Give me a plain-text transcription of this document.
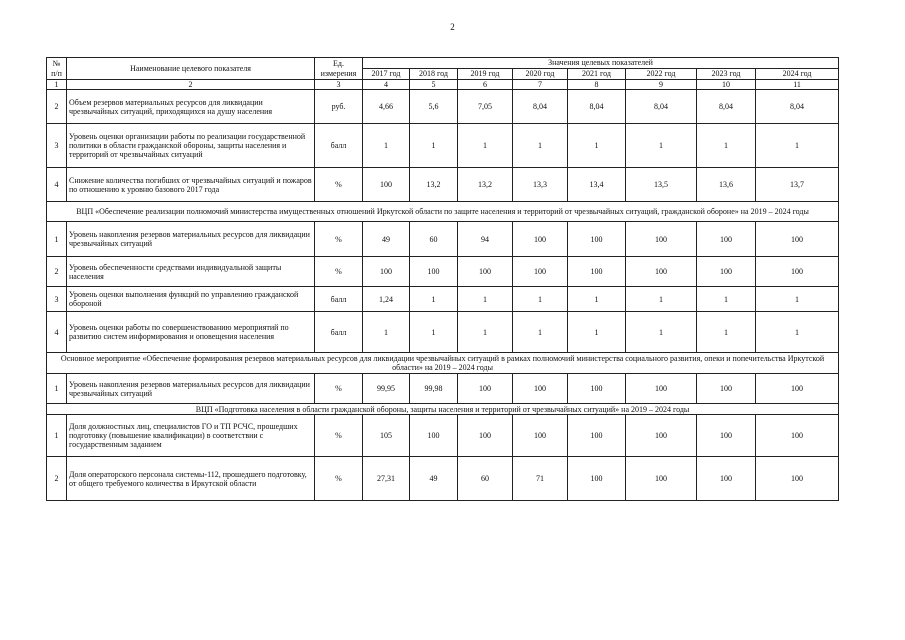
2
№ п/п	Наименование целевого показателя	Ед. измерения	Значения целевых показателей							
			2017 год	2018 год	2019 год	2020 год	2021 год	2022 год	2023 год	2024 год
1	2	3	4	5	6	7	8	9	10	11
2	Объем резервов материальных ресурсов для ликвидации чрезвычайных ситуаций, приходящихся на душу населения	руб.	4,66	5,6	7,05	8,04	8,04	8,04	8,04	8,04
3	Уровень оценки организации работы по реализации государственной политики в области гражданской обороны, защиты населения и территорий от чрезвычайных ситуаций	балл	1	1	1	1	1	1	1	1
4	Снижение количества погибших от чрезвычайных ситуаций и пожаров по отношению к уровню базового 2017 года	%	100	13,2	13,2	13,3	13,4	13,5	13,6	13,7
ВЦП «Обеспечение реализации полномочий министерства имущественных отношений Иркутской области по защите населения и территорий от чрезвычайных ситуаций, гражданской обороне» на 2019 – 2024 годы										
1	Уровень накопления резервов материальных ресурсов для ликвидации чрезвычайных ситуаций	%	49	60	94	100	100	100	100	100
2	Уровень обеспеченности средствами индивидуальной защиты населения	%	100	100	100	100	100	100	100	100
3	Уровень оценки выполнения функций по управлению гражданской обороной	балл	1,24	1	1	1	1	1	1	1
4	Уровень оценки работы по совершенствованию мероприятий по развитию систем информирования и оповещения населения	балл	1	1	1	1	1	1	1	1
Основное мероприятие «Обеспечение формирования резервов материальных ресурсов для ликвидации чрезвычайных ситуаций в рамках полномочий министерства социального развития, опеки и попечительства Иркутской области» на 2019 – 2024 годы										
1	Уровень накопления резервов материальных ресурсов для ликвидации чрезвычайных ситуаций	%	99,95	99,98	100	100	100	100	100	100
ВЦП «Подготовка населения в области гражданской обороны, защиты населения и территорий от чрезвычайных ситуаций» на 2019 – 2024 годы										
1	Доля должностных лиц, специалистов ГО и ТП РСЧС, прошедших подготовку (повышение квалификации) в соответствии с государственным заданием	%	105	100	100	100	100	100	100	100
2	Доля операторского персонала системы-112, прошедшего подготовку, от общего требуемого количества в Иркутской области	%	27,31	49	60	71	100	100	100	100
